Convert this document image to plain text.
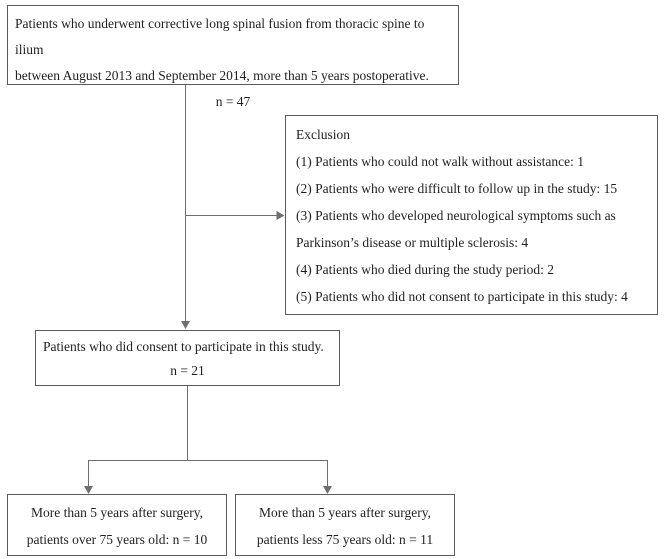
Patients who underwent corrective long spinal fusion from thoracic spine to ilium
between August 2013 and September 2014, more than 5 years postoperative.
n = 47
Exclusion
(1) Patients who could not walk without assistance: 1
(2) Patients who were difficult to follow up in the study: 15
(3) Patients who developed neurological symptoms such as Parkinson’s disease or multiple sclerosis: 4
(4) Patients who died during the study period: 2
(5) Patients who did not consent to participate in this study: 4
Patients who did consent to participate in this study.
n = 21
More than 5 years after surgery,
patients over 75 years old: n = 10
More than 5 years after surgery,
patients less 75 years old: n = 11
